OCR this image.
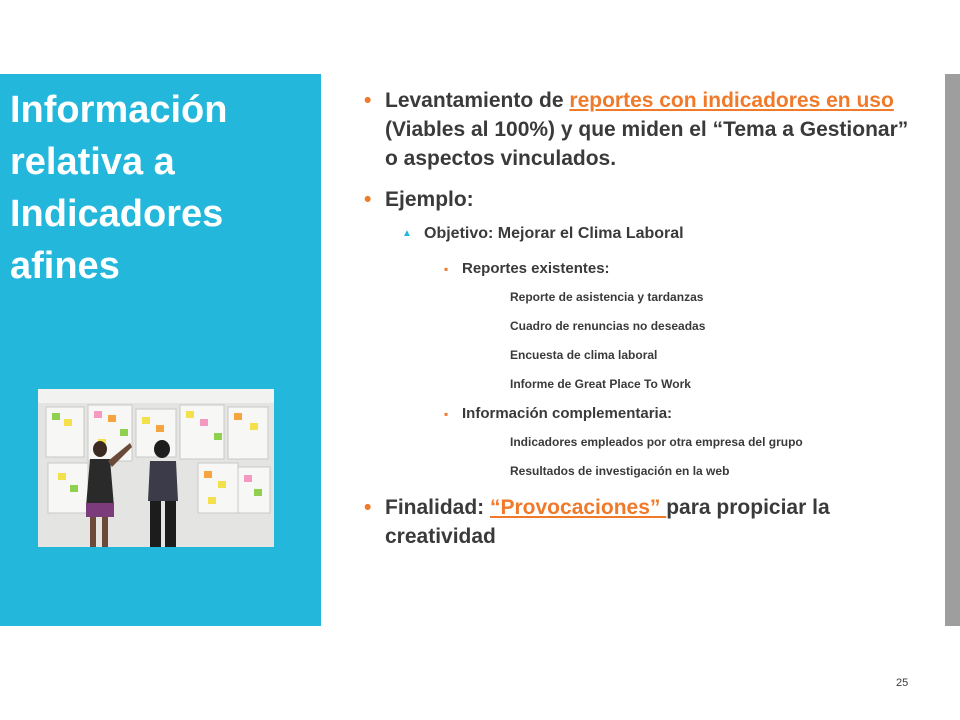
Información
relativa a
Indicadores
afines
• Levantamiento de reportes con indicadores en uso (Viables al 100%) y que miden el “Tema a Gestionar” o aspectos vinculados.
• Ejemplo:
▲ Objetivo: Mejorar el Clima Laboral
▪ Reportes existentes:
Reporte de asistencia y tardanzas
Cuadro de renuncias no deseadas
Encuesta de clima laboral
Informe de Great Place To Work
▪ Información complementaria:
Indicadores empleados por otra empresa del grupo
Resultados de investigación en la web
• Finalidad: “Provocaciones” para propiciar la creatividad
25
